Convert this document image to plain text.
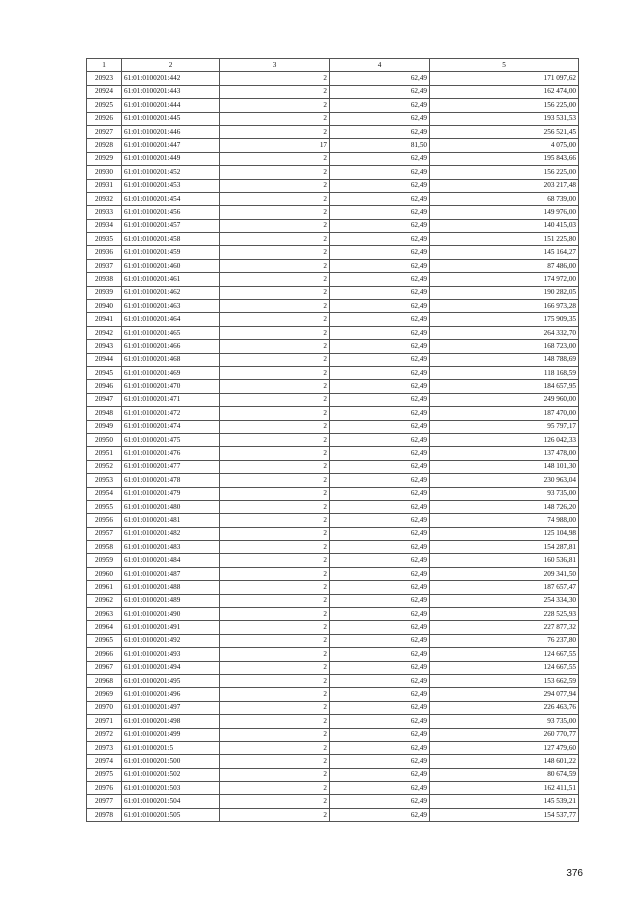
1	2	3	4	5
20923	61:01:0100201:442	2	62,49	171 097,62
20924	61:01:0100201:443	2	62,49	162 474,00
20925	61:01:0100201:444	2	62,49	156 225,00
20926	61:01:0100201:445	2	62,49	193 531,53
20927	61:01:0100201:446	2	62,49	256 521,45
20928	61:01:0100201:447	17	81,50	4 075,00
20929	61:01:0100201:449	2	62,49	195 843,66
20930	61:01:0100201:452	2	62,49	156 225,00
20931	61:01:0100201:453	2	62,49	203 217,48
20932	61:01:0100201:454	2	62,49	68 739,00
20933	61:01:0100201:456	2	62,49	149 976,00
20934	61:01:0100201:457	2	62,49	140 415,03
20935	61:01:0100201:458	2	62,49	151 225,80
20936	61:01:0100201:459	2	62,49	145 164,27
20937	61:01:0100201:460	2	62,49	87 486,00
20938	61:01:0100201:461	2	62,49	174 972,00
20939	61:01:0100201:462	2	62,49	190 282,05
20940	61:01:0100201:463	2	62,49	166 973,28
20941	61:01:0100201:464	2	62,49	175 909,35
20942	61:01:0100201:465	2	62,49	264 332,70
20943	61:01:0100201:466	2	62,49	168 723,00
20944	61:01:0100201:468	2	62,49	148 788,69
20945	61:01:0100201:469	2	62,49	118 168,59
20946	61:01:0100201:470	2	62,49	184 657,95
20947	61:01:0100201:471	2	62,49	249 960,00
20948	61:01:0100201:472	2	62,49	187 470,00
20949	61:01:0100201:474	2	62,49	95 797,17
20950	61:01:0100201:475	2	62,49	126 042,33
20951	61:01:0100201:476	2	62,49	137 478,00
20952	61:01:0100201:477	2	62,49	148 101,30
20953	61:01:0100201:478	2	62,49	230 963,04
20954	61:01:0100201:479	2	62,49	93 735,00
20955	61:01:0100201:480	2	62,49	148 726,20
20956	61:01:0100201:481	2	62,49	74 988,00
20957	61:01:0100201:482	2	62,49	125 104,98
20958	61:01:0100201:483	2	62,49	154 287,81
20959	61:01:0100201:484	2	62,49	160 536,81
20960	61:01:0100201:487	2	62,49	209 341,50
20961	61:01:0100201:488	2	62,49	187 657,47
20962	61:01:0100201:489	2	62,49	254 334,30
20963	61:01:0100201:490	2	62,49	228 525,93
20964	61:01:0100201:491	2	62,49	227 877,32
20965	61:01:0100201:492	2	62,49	76 237,80
20966	61:01:0100201:493	2	62,49	124 667,55
20967	61:01:0100201:494	2	62,49	124 667,55
20968	61:01:0100201:495	2	62,49	153 662,59
20969	61:01:0100201:496	2	62,49	294 077,94
20970	61:01:0100201:497	2	62,49	226 463,76
20971	61:01:0100201:498	2	62,49	93 735,00
20972	61:01:0100201:499	2	62,49	260 770,77
20973	61:01:0100201:5	2	62,49	127 479,60
20974	61:01:0100201:500	2	62,49	148 601,22
20975	61:01:0100201:502	2	62,49	80 674,59
20976	61:01:0100201:503	2	62,49	162 411,51
20977	61:01:0100201:504	2	62,49	145 539,21
20978	61:01:0100201:505	2	62,49	154 537,77
376
